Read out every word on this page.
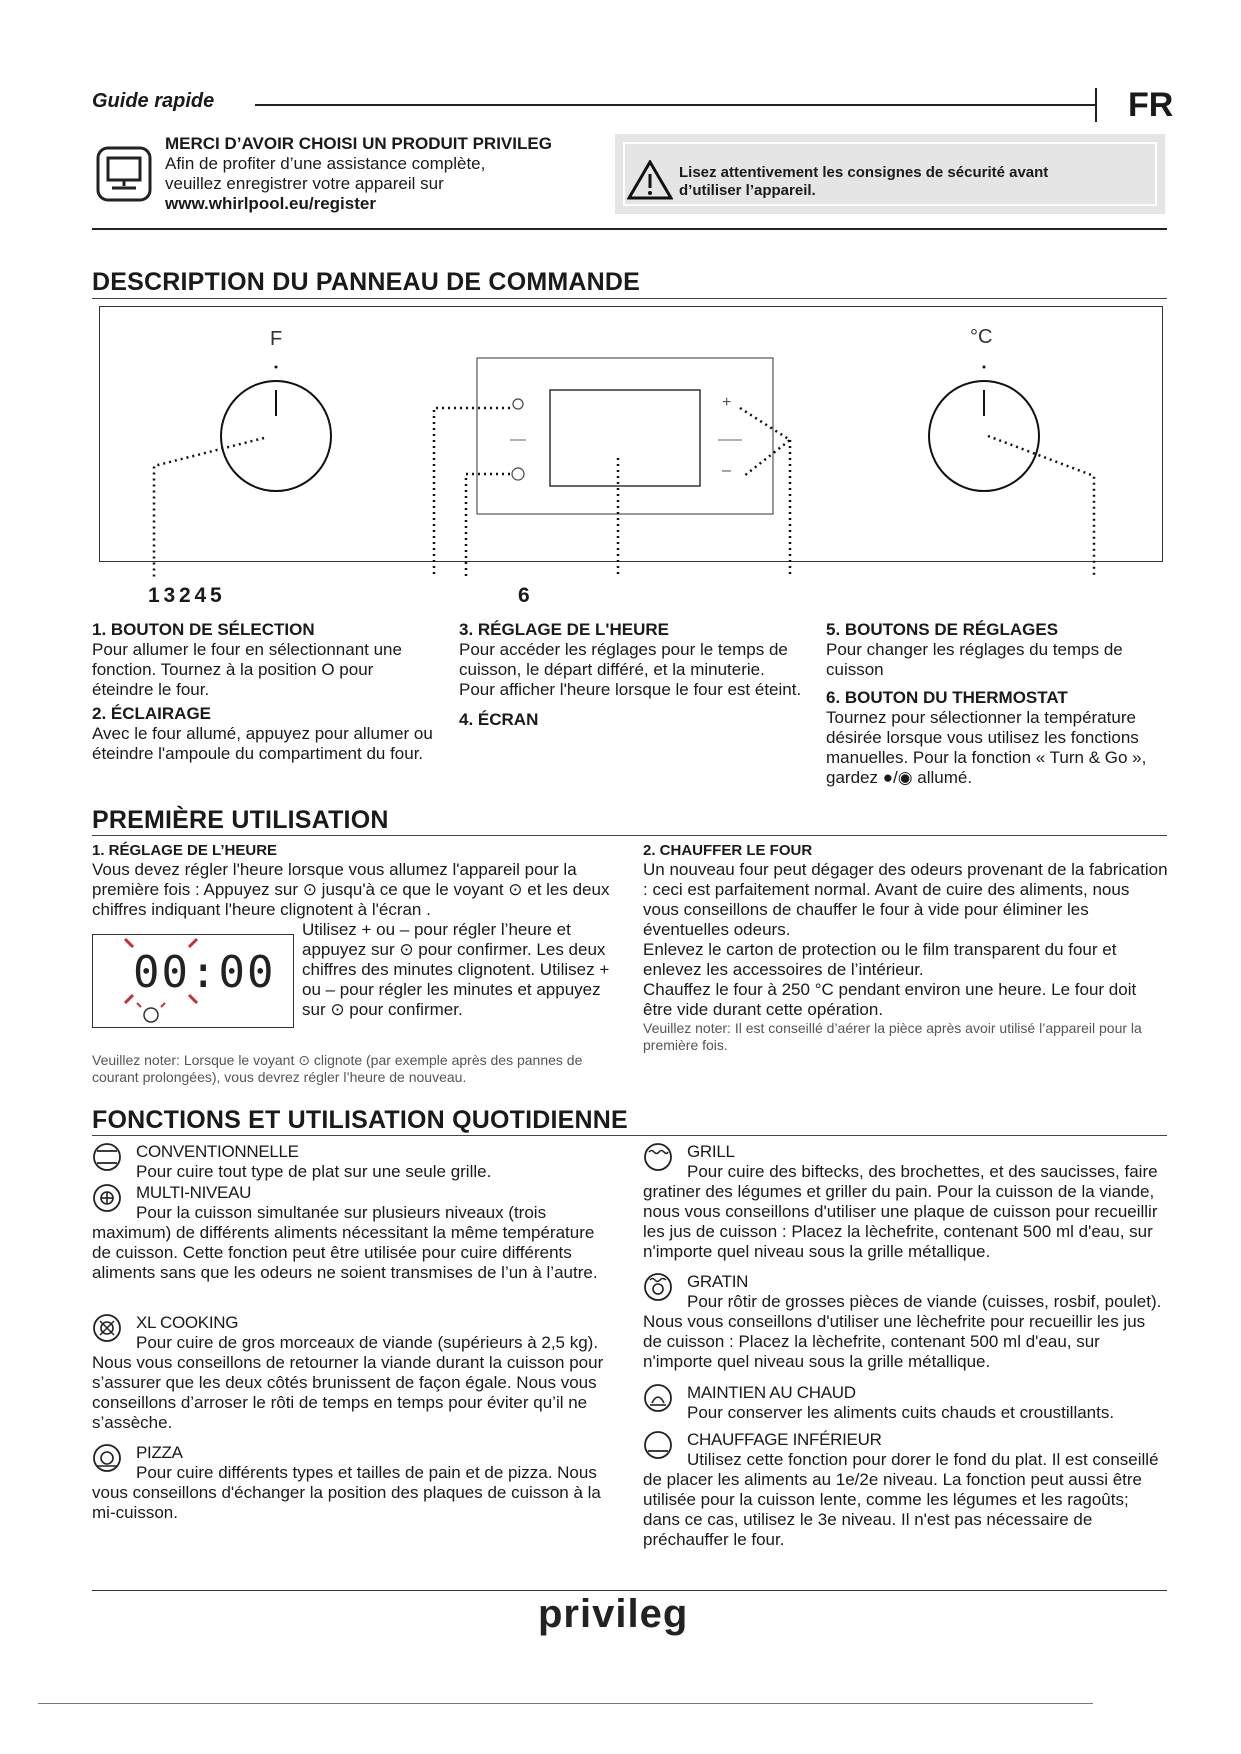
Guide rapide	FR
MERCI D’AVOIR CHOISI UN PRODUIT PRIVILEG
Afin de profiter d’une assistance complète,
veuillez enregistrer votre appareil sur
www.whirlpool.eu/register
Lisez attentivement les consignes de sécurité avant
d’utiliser l’appareil.
DESCRIPTION DU PANNEAU DE COMMANDE
F	°C
+
–
1 3 2 4 5	6
1. BOUTON DE SÉLECTION
Pour allumer le four en sélectionnant une fonction. Tournez à la position O pour éteindre le four.
2. ÉCLAIRAGE
Avec le four allumé, appuyez pour allumer ou éteindre l'ampoule du compartiment du four.
3. RÉGLAGE DE L'HEURE
Pour accéder les réglages pour le temps de cuisson, le départ différé, et la minuterie.
Pour afficher l'heure lorsque le four est éteint.
4. ÉCRAN
5. BOUTONS DE RÉGLAGES
Pour changer les réglages du temps de cuisson
6. BOUTON DU THERMOSTAT
Tournez pour sélectionner la température désirée lorsque vous utilisez les fonctions manuelles. Pour la fonction « Turn & Go », gardez ●/◉ allumé.
PREMIÈRE UTILISATION
1. RÉGLAGE DE L’HEURE
Vous devez régler l'heure lorsque vous allumez l'appareil pour la première fois : Appuyez sur ⊙ jusqu'à ce que le voyant ⊙ et les deux chiffres indiquant l'heure clignotent à l'écran .
00:00
Utilisez + ou – pour régler l’heure et appuyez sur ⊙ pour confirmer. Les deux chiffres des minutes clignotent. Utilisez + ou – pour régler les minutes et appuyez sur ⊙ pour confirmer.
Veuillez noter: Lorsque le voyant ⊙ clignote (par exemple après des pannes de courant prolongées), vous devrez régler l’heure de nouveau.
2. CHAUFFER LE FOUR
Un nouveau four peut dégager des odeurs provenant de la fabrication : ceci est parfaitement normal. Avant de cuire des aliments, nous vous conseillons de chauffer le four à vide pour éliminer les éventuelles odeurs.
Enlevez le carton de protection ou le film transparent du four et enlevez les accessoires de l’intérieur.
Chauffez le four à 250 °C pendant environ une heure. Le four doit être vide durant cette opération.
Veuillez noter: Il est conseillé d’aérer la pièce après avoir utilisé l’appareil pour la première fois.
FONCTIONS ET UTILISATION QUOTIDIENNE
CONVENTIONNELLE
Pour cuire tout type de plat sur une seule grille.
MULTI-NIVEAU
Pour la cuisson simultanée sur plusieurs niveaux (trois maximum) de différents aliments nécessitant la même température de cuisson. Cette fonction peut être utilisée pour cuire différents aliments sans que les odeurs ne soient transmises de l’un à l’autre.
XL COOKING
Pour cuire de gros morceaux de viande (supérieurs à 2,5 kg). Nous vous conseillons de retourner la viande durant la cuisson pour s’assurer que les deux côtés brunissent de façon égale. Nous vous conseillons d’arroser le rôti de temps en temps pour éviter qu’il ne s’assèche.
PIZZA
Pour cuire différents types et tailles de pain et de pizza. Nous vous conseillons d'échanger la position des plaques de cuisson à la mi-cuisson.
GRILL
Pour cuire des biftecks, des brochettes, et des saucisses, faire gratiner des légumes et griller du pain. Pour la cuisson de la viande, nous vous conseillons d'utiliser une plaque de cuisson pour recueillir les jus de cuisson : Placez la lèchefrite, contenant 500 ml d'eau, sur n'importe quel niveau sous la grille métallique.
GRATIN
Pour rôtir de grosses pièces de viande (cuisses, rosbif, poulet). Nous vous conseillons d'utiliser une lèchefrite pour recueillir les jus de cuisson : Placez la lèchefrite, contenant 500 ml d'eau, sur n'importe quel niveau sous la grille métallique.
MAINTIEN AU CHAUD
Pour conserver les aliments cuits chauds et croustillants.
CHAUFFAGE INFÉRIEUR
Utilisez cette fonction pour dorer le fond du plat. Il est conseillé de placer les aliments au 1e/2e niveau. La fonction peut aussi être utilisée pour la cuisson lente, comme les légumes et les ragoûts; dans ce cas, utilisez le 3e niveau. Il n'est pas nécessaire de préchauffer le four.
privileg
